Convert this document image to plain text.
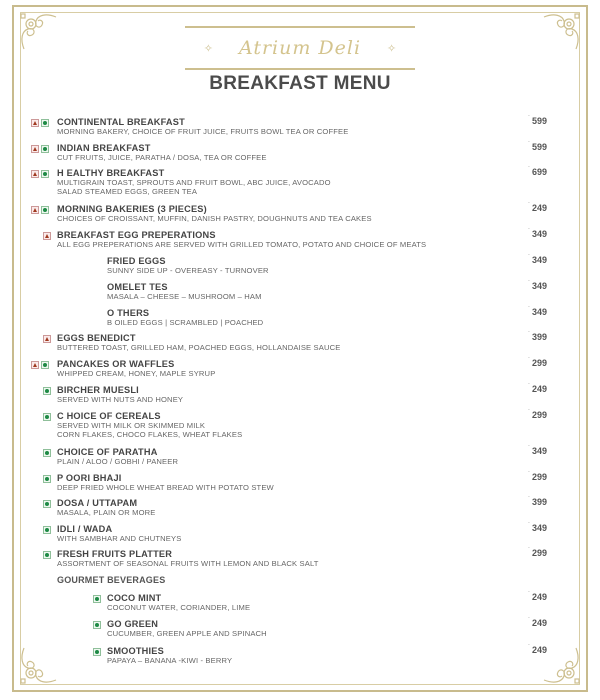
✧ Atrium Deli ✧
BREAKFAST MENU
CONTINENTAL BREAKFAST
MORNING BAKERY, CHOICE OF FRUIT JUICE, FRUITS BOWL TEA OR COFFEE
` 599
INDIAN BREAKFAST
CUT FRUITS, JUICE, PARATHA / DOSA, TEA OR COFFEE
` 599
H EALTHY BREAKFAST
MULTIGRAIN TOAST, SPROUTS AND FRUIT BOWL, ABC JUICE, AVOCADO
SALAD STEAMED EGGS, GREEN TEA
` 699
MORNING BAKERIES (3 PIECES)
CHOICES OF CROISSANT, MUFFIN, DANISH PASTRY, DOUGHNUTS AND TEA CAKES
` 249
BREAKFAST EGG PREPERATIONS
ALL EGG PREPERATIONS ARE SERVED WITH GRILLED TOMATO, POTATO AND CHOICE OF MEATS
` 349
FRIED EGGS
SUNNY SIDE UP - OVEREASY - TURNOVER
` 349
OMELET TES
MASALA – CHEESE – MUSHROOM – HAM
` 349
O THERS
B OILED EGGS | SCRAMBLED | POACHED
` 349
EGGS BENEDICT
BUTTERED TOAST, GRILLED HAM, POACHED EGGS, HOLLANDAISE SAUCE
` 399
PANCAKES OR WAFFLES
WHIPPED CREAM, HONEY, MAPLE SYRUP
` 299
BIRCHER MUESLI
SERVED WITH NUTS AND HONEY
` 249
C HOICE OF CEREALS
SERVED WITH MILK OR SKIMMED MILK
CORN FLAKES, CHOCO FLAKES, WHEAT FLAKES
` 299
CHOICE OF PARATHA
PLAIN / ALOO / GOBHI / PANEER
` 349
P OORI BHAJI
DEEP FRIED WHOLE WHEAT BREAD WITH POTATO STEW
` 299
DOSA / UTTAPAM
MASALA, PLAIN OR MORE
` 399
IDLI / WADA
WITH SAMBHAR AND CHUTNEYS
` 349
FRESH FRUITS PLATTER
ASSORTMENT OF SEASONAL FRUITS WITH LEMON AND BLACK SALT
` 299
GOURMET BEVERAGES
COCO MINT
COCONUT WATER, CORIANDER, LIME
` 249
GO GREEN
CUCUMBER, GREEN APPLE AND SPINACH
` 249
SMOOTHIES
PAPAYA – BANANA -KIWI - BERRY
` 249
